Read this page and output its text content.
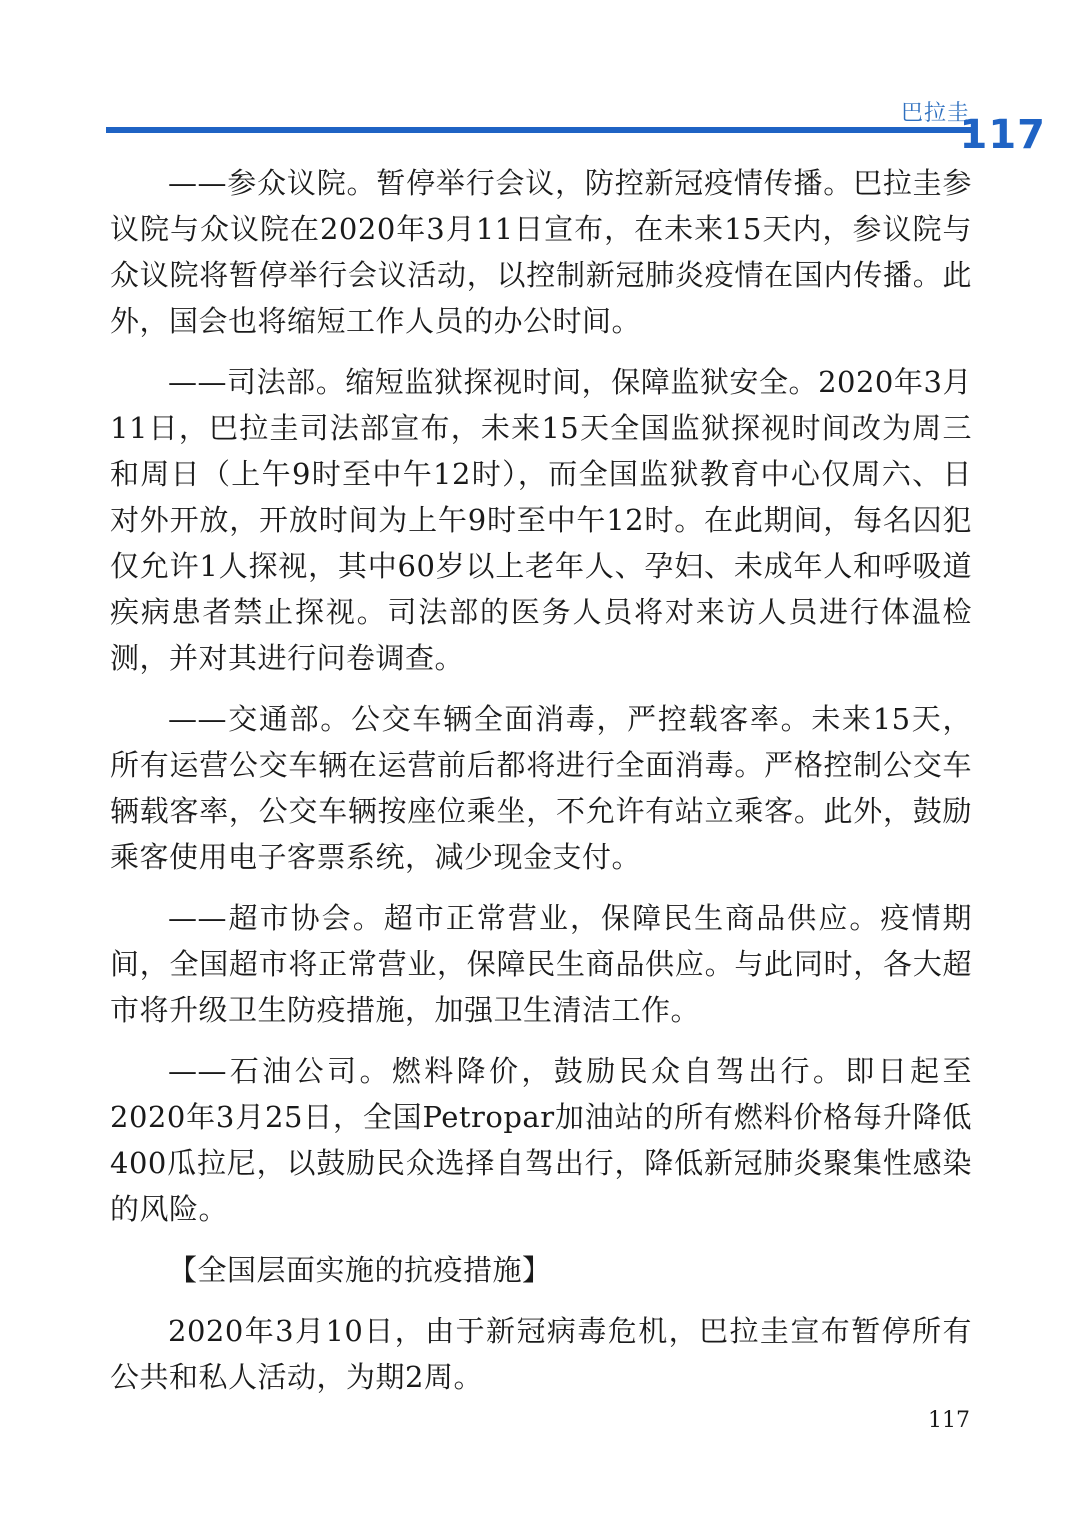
巴拉圭
117

——参众议院。暂停举行会议，防控新冠疫情传播。巴拉圭参议院与众议院在2020年3月11日宣布，在未来15天内，参议院与众议院将暂停举行会议活动，以控制新冠肺炎疫情在国内传播。此外，国会也将缩短工作人员的办公时间。

——司法部。缩短监狱探视时间，保障监狱安全。2020年3月11日，巴拉圭司法部宣布，未来15天全国监狱探视时间改为周三和周日（上午9时至中午12时），而全国监狱教育中心仅周六、日对外开放，开放时间为上午9时至中午12时。在此期间，每名囚犯仅允许1人探视，其中60岁以上老年人、孕妇、未成年人和呼吸道疾病患者禁止探视。司法部的医务人员将对来访人员进行体温检测，并对其进行问卷调查。

——交通部。公交车辆全面消毒，严控载客率。未来15天，所有运营公交车辆在运营前后都将进行全面消毒。严格控制公交车辆载客率，公交车辆按座位乘坐，不允许有站立乘客。此外，鼓励乘客使用电子客票系统，减少现金支付。

——超市协会。超市正常营业，保障民生商品供应。疫情期间，全国超市将正常营业，保障民生商品供应。与此同时，各大超市将升级卫生防疫措施，加强卫生清洁工作。

——石油公司。燃料降价，鼓励民众自驾出行。即日起至2020年3月25日，全国Petropar加油站的所有燃料价格每升降低400瓜拉尼，以鼓励民众选择自驾出行，降低新冠肺炎聚集性感染的风险。

【全国层面实施的抗疫措施】

2020年3月10日，由于新冠病毒危机，巴拉圭宣布暂停所有公共和私人活动，为期2周。

117
